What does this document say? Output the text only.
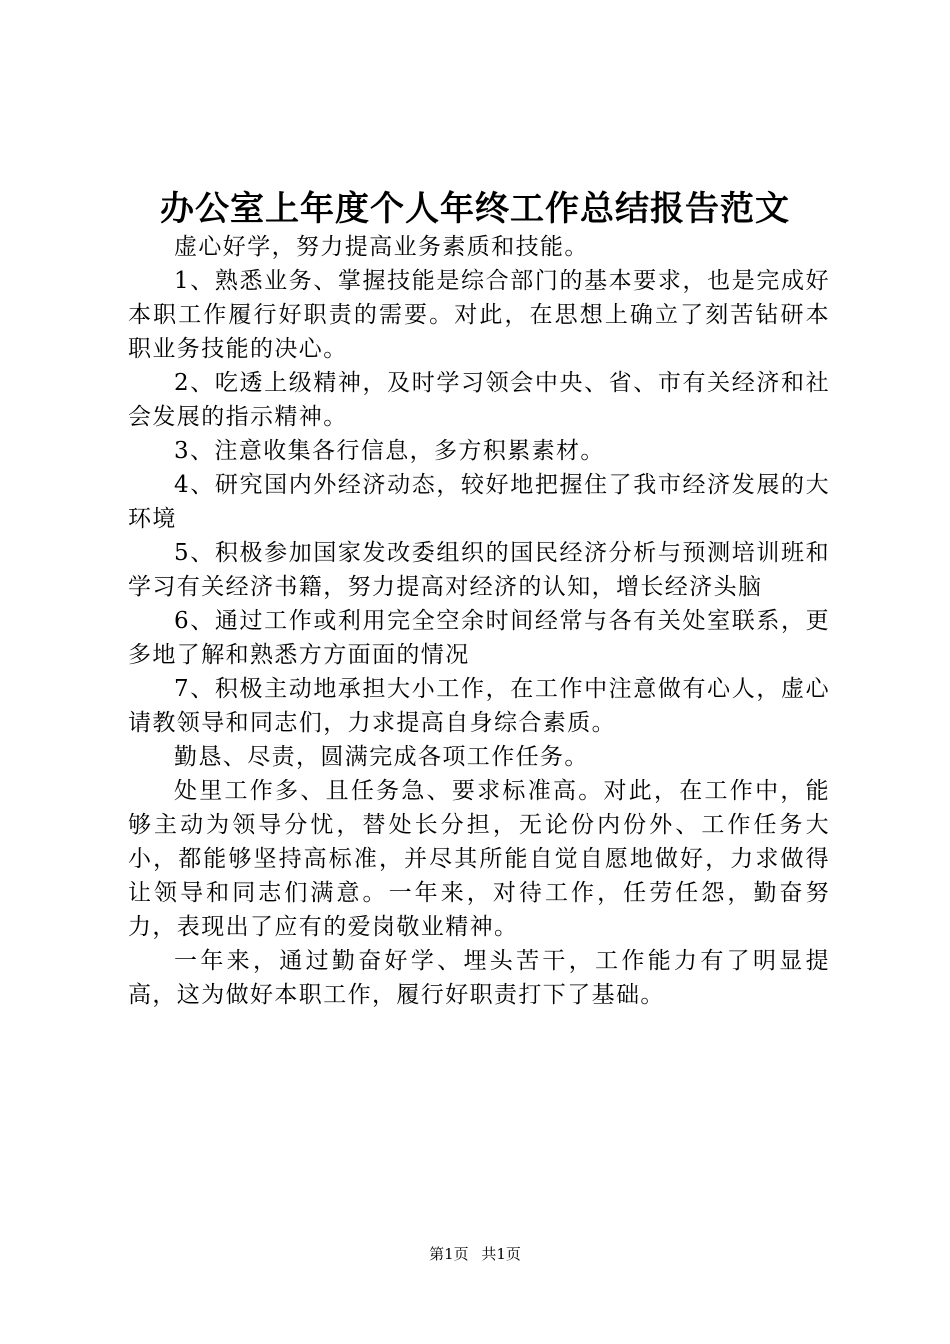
办公室上年度个人年终工作总结报告范文

虚心好学，努力提高业务素质和技能。

1、熟悉业务、掌握技能是综合部门的基本要求，也是完成好本职工作履行好职责的需要。对此，在思想上确立了刻苦钻研本职业务技能的决心。

2、吃透上级精神，及时学习领会中央、省、市有关经济和社会发展的指示精神。

3、注意收集各行信息，多方积累素材。

4、研究国内外经济动态，较好地把握住了我市经济发展的大环境

5、积极参加国家发改委组织的国民经济分析与预测培训班和学习有关经济书籍，努力提高对经济的认知，增长经济头脑

6、通过工作或利用完全空余时间经常与各有关处室联系，更多地了解和熟悉方方面面的情况

7、积极主动地承担大小工作，在工作中注意做有心人，虚心请教领导和同志们，力求提高自身综合素质。

勤恳、尽责，圆满完成各项工作任务。

处里工作多、且任务急、要求标准高。对此，在工作中，能够主动为领导分忧，替处长分担，无论份内份外、工作任务大小，都能够坚持高标准，并尽其所能自觉自愿地做好，力求做得让领导和同志们满意。一年来，对待工作，任劳任怨，勤奋努力，表现出了应有的爱岗敬业精神。

一年来，通过勤奋好学、埋头苦干，工作能力有了明显提高，这为做好本职工作，履行好职责打下了基础。

第1页 共1页
